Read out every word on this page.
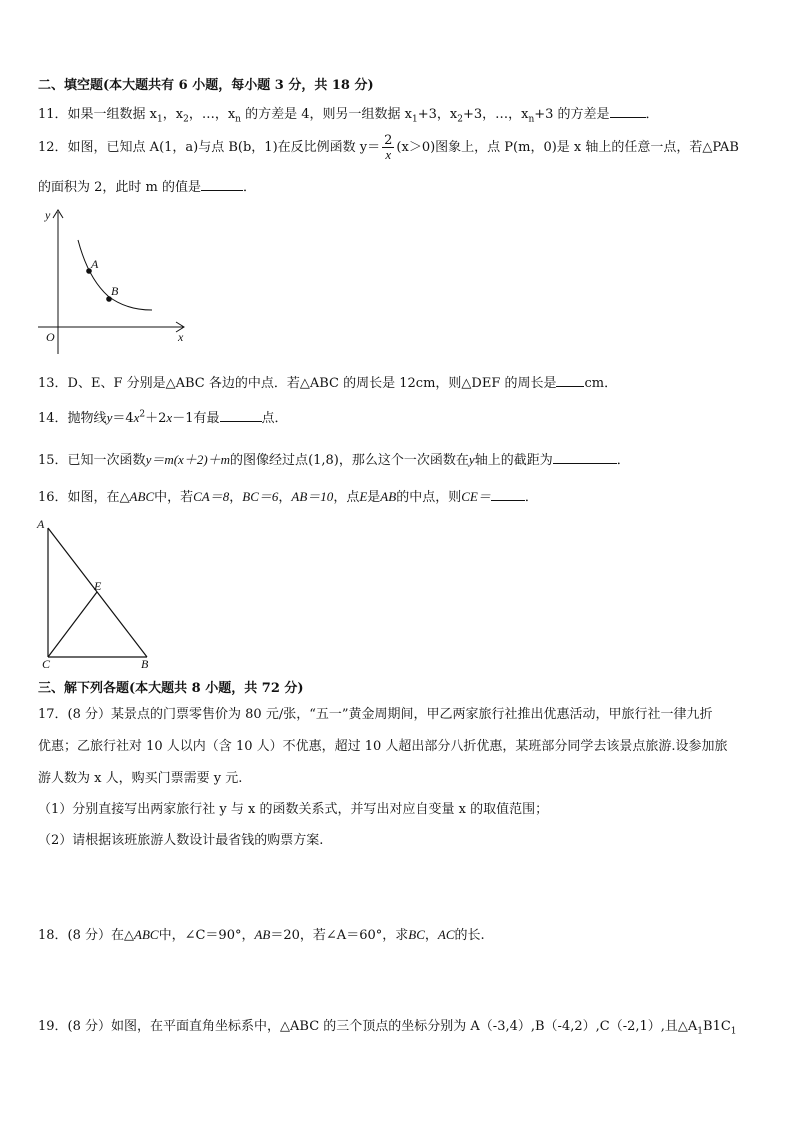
二、填空题(本大题共有 6 小题，每小题 3 分，共 18 分)
11．如果一组数据 $x_1$，$x_2$，…，$x_n$ 的方差是 4，则另一组数据 $x_1+3$，$x_2+3$，…，$x_n+3$ 的方差是	．
12．如图，已知点 A(1，a)与点 B(b，1)在反比例函数 $y= \frac{2}{x} (x>0)$图象上，点 P(m，0)是 x 轴上的任意一点，若△PAB
的面积为 2，此时 m 的值是	．
y
x
O
A
B
13．D、E、F 分别是△ABC 各边的中点．若△ABC 的周长是 12cm，则△DEF 的周长是 cm．
14．抛物线$y=4x^2+2x-1$有最	点．
15．已知一次函数y＝m(x＋2)＋m的图像经过点(1,8)，那么这个一次函数在y轴上的截距为	．
16．如图，在△ABC中，若CA＝8，BC＝6，AB＝10，点E是AB的中点，则CE＝	．
A
E
C	B
三、解下列各题(本大题共 8 小题，共 72 分)
17．(8 分）某景点的门票零售价为 80 元/张，“五一”黄金周期间，甲乙两家旅行社推出优惠活动，甲旅行社一律九折
优惠；乙旅行社对 10 人以内（含 10 人）不优惠，超过 10 人超出部分八折优惠，某班部分同学去该景点旅游.设参加旅
游人数为 x 人，购买门票需要 y 元.
（1）分别直接写出两家旅行社 y 与 x 的函数关系式，并写出对应自变量 x 的取值范围；
（2）请根据该班旅游人数设计最省钱的购票方案.
18．(8 分）在△ABC中，∠C＝90°，AB＝20，若∠A＝60°，求BC，AC的长.
19．(8 分）如图，在平面直角坐标系中，△ABC 的三个顶点的坐标分别为 A（-3,4）,B（-4,2）,C（-2,1）,且$\triangle A_1B1C_1$
